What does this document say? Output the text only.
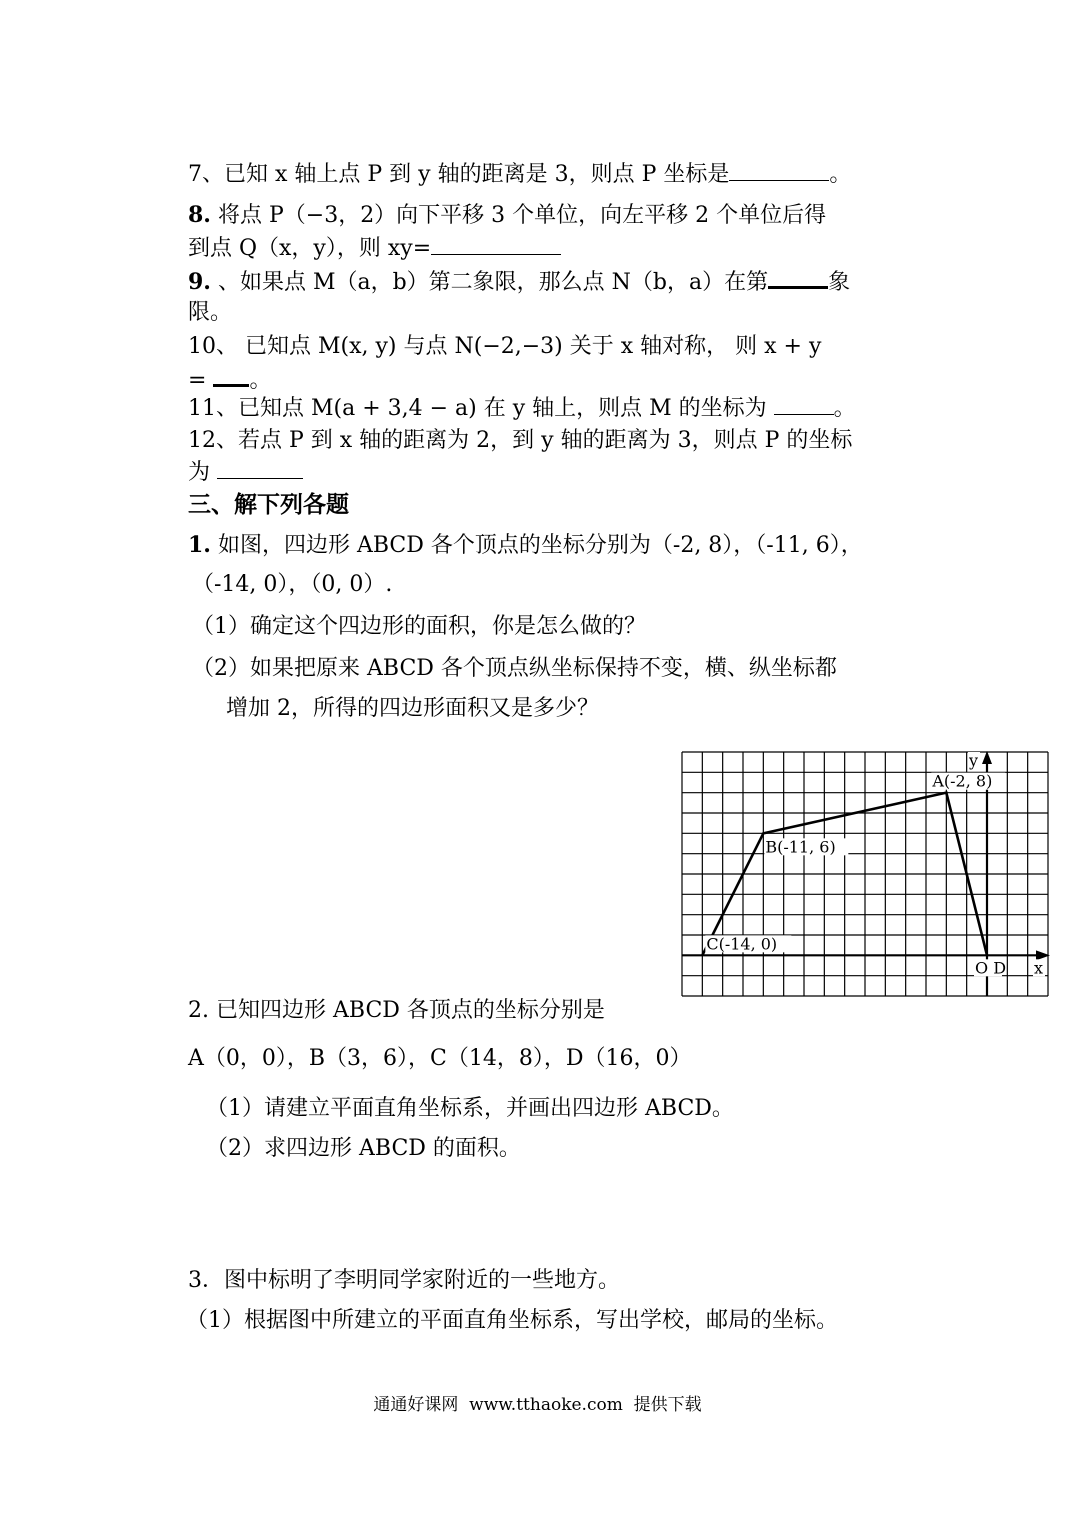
7、已知 x 轴上点 P 到 y 轴的距离是 3，则点 P 坐标是	。
8. 将点 P（−3，2）向下平移 3 个单位，向左平移 2 个单位后得
到点 Q（x，y），则 xy=
9. 、如果点 M（a，b）第二象限，那么点 N（b，a）在第	象
限。
10、 已知点 M(x, y) 与点 N(−2,−3) 关于 x 轴对称， 则 x + y
= 。
11、已知点 M(a + 3,4 − a) 在 y 轴上，则点 M 的坐标为	。
12、若点 P 到 x 轴的距离为 2，到 y 轴的距离为 3，则点 P 的坐标
为
三、解下列各题
1. 如图，四边形 ABCD 各个顶点的坐标分别为（-2, 8），（-11, 6），
（-14, 0），（0, 0）.
（1）确定这个四边形的面积，你是怎么做的？
（2）如果把原来 ABCD 各个顶点纵坐标保持不变，横、纵坐标都
增加 2，所得的四边形面积又是多少？
A(-2, 8)
B(-11, 6)
C(-14, 0)
O D x
y
2. 已知四边形 ABCD 各顶点的坐标分别是
A（0，0），B（3，6），C（14，8），D（16，0）
（1）请建立平面直角坐标系，并画出四边形 ABCD。
（2）求四边形 ABCD 的面积。
3．图中标明了李明同学家附近的一些地方。
（1）根据图中所建立的平面直角坐标系，写出学校，邮局的坐标。
通通好课网  www.tthaoke.com  提供下载
